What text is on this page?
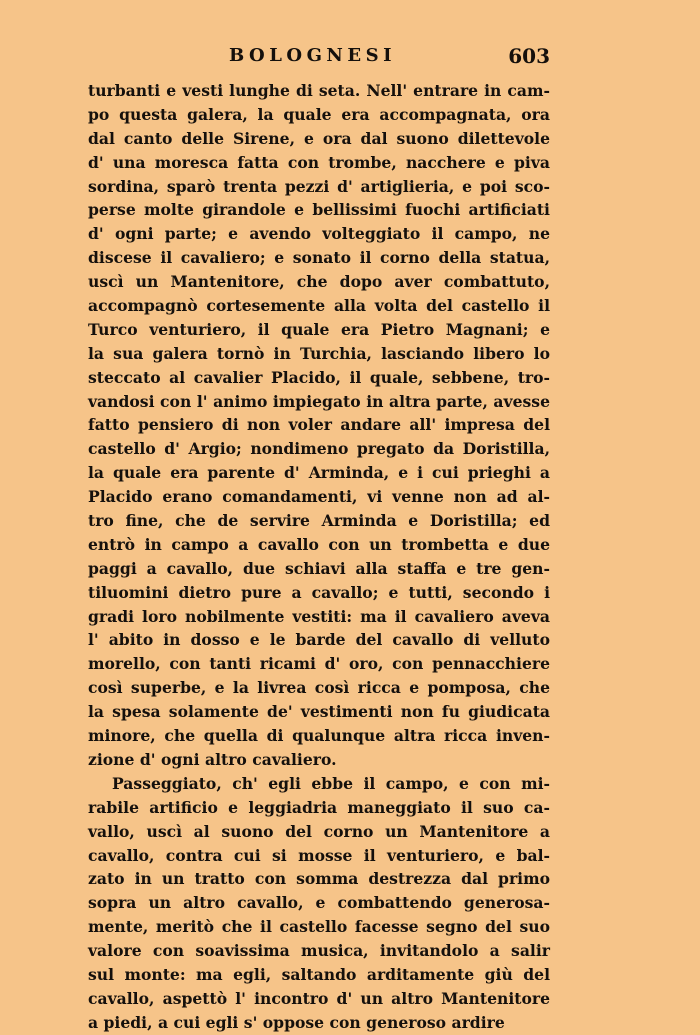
BOLOGNESI	603
turbanti e vesti lunghe di seta. Nell' entrare in cam-
po questa galera, la quale era accompagnata, ora
dal canto delle Sirene, e ora dal suono dilettevole
d' una moresca fatta con trombe, nacchere e piva
sordina, sparò trenta pezzi d' artiglieria, e poi sco-
perse molte girandole e bellissimi fuochi artificiati
d' ogni parte; e avendo volteggiato il campo, ne
discese il cavaliero; e sonato il corno della statua,
uscì un Mantenitore, che dopo aver combattuto,
accompagnò cortesemente alla volta del castello il
Turco venturiero, il quale era Pietro Magnani; e
la sua galera tornò in Turchia, lasciando libero lo
steccato al cavalier Placido, il quale, sebbene, tro-
vandosi con l' animo impiegato in altra parte, avesse
fatto pensiero di non voler andare all' impresa del
castello d' Argio; nondimeno pregato da Doristilla,
la quale era parente d' Arminda, e i cui prieghi a
Placido erano comandamenti, vi venne non ad al-
tro fine, che de servire Arminda e Doristilla; ed
entrò in campo a cavallo con un trombetta e due
paggi a cavallo, due schiavi alla staffa e tre gen-
tiluomini dietro pure a cavallo; e tutti, secondo i
gradi loro nobilmente vestiti: ma il cavaliero aveva
l' abito in dosso e le barde del cavallo di velluto
morello, con tanti ricami d' oro, con pennacchiere
così superbe, e la livrea così ricca e pomposa, che
la spesa solamente de' vestimenti non fu giudicata
minore, che quella di qualunque altra ricca inven-
zione d' ogni altro cavaliero.
Passeggiato, ch' egli ebbe il campo, e con mi-
rabile artificio e leggiadria maneggiato il suo ca-
vallo, uscì al suono del corno un Mantenitore a
cavallo, contra cui si mosse il venturiero, e bal-
zato in un tratto con somma destrezza dal primo
sopra un altro cavallo, e combattendo generosa-
mente, meritò che il castello facesse segno del suo
valore con soavissima musica, invitandolo a salir
sul monte: ma egli, saltando arditamente giù del
cavallo, aspettò l' incontro d' un altro Mantenitore
a piedi, a cui egli s' oppose con generoso ardire
